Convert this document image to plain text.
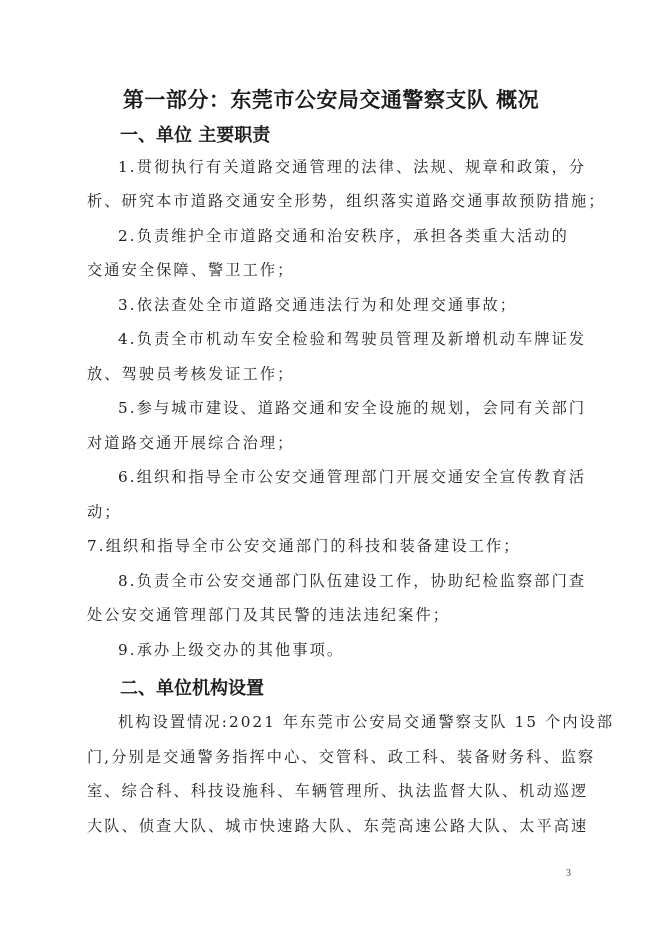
第一部分：东莞市公安局交通警察支队 概况
一、单位 主要职责
1.贯彻执行有关道路交通管理的法律、法规、规章和政策，分
析、研究本市道路交通安全形势，组织落实道路交通事故预防措施；
2.负责维护全市道路交通和治安秩序，承担各类重大活动的
交通安全保障、警卫工作；
3.依法查处全市道路交通违法行为和处理交通事故；
4.负责全市机动车安全检验和驾驶员管理及新增机动车牌证发
放、驾驶员考核发证工作；
5.参与城市建设、道路交通和安全设施的规划，会同有关部门
对道路交通开展综合治理；
6.组织和指导全市公安交通管理部门开展交通安全宣传教育活
动；
7.组织和指导全市公安交通部门的科技和装备建设工作；
8.负责全市公安交通部门队伍建设工作，协助纪检监察部门查
处公安交通管理部门及其民警的违法违纪案件；
9.承办上级交办的其他事项。
二、单位机构设置
机构设置情况:2021 年东莞市公安局交通警察支队 15 个内设部
门,分别是交通警务指挥中心、交管科、政工科、装备财务科、监察
室、综合科、科技设施科、车辆管理所、执法监督大队、机动巡逻
大队、侦查大队、城市快速路大队、东莞高速公路大队、太平高速
3
